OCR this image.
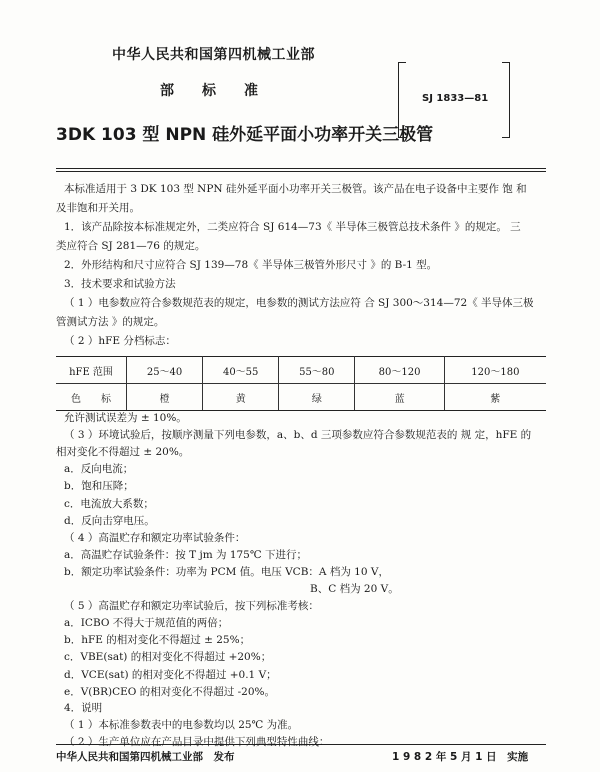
中华人民共和国第四机械工业部
部　　标　　准
3DK 103 型 NPN 硅外延平面小功率开关三极管
SJ 1833—81
本标准适用于 3 DK 103 型 NPN 硅外延平面小功率开关三极管。该产品在电子设备中主要作 饱 和
及非饱和开关用。
1．该产品除按本标准规定外，二类应符合 SJ 614—73《 半导体三极管总技术条件 》的规定。 三
类应符合 SJ 281—76 的规定。
2．外形结构和尺寸应符合 SJ 139—78《 半导体三极管外形尺寸 》的 B-1 型。
3．技术要求和试验方法
（ 1 ）电参数应符合参数规范表的规定，电参数的测试方法应符 合 SJ 300～314—72《 半导体三极
管测试方法 》的规定。
hFE 范围	25～40	40～55	55～80	80～120	120～180
色　　标	橙	黄	绿	蓝	紫
（ 2 ）hFE 分档标志：
允许测试误差为 ± 10%。
（ 3 ）环境试验后，按顺序测量下列电参数，a、b、d 三项参数应符合参数规范表的 规 定，hFE 的
相对变化不得超过 ± 20%。
a．反向电流；
b．饱和压降；
c．电流放大系数；
d．反向击穿电压。
（ 4 ）高温贮存和额定功率试验条件：
a．高温贮存试验条件：按 T jm 为 175℃ 下进行；
b．额定功率试验条件：功率为 PCM 值。电压 VCB：A 档为 10 V，
B、C 档为 20 V。
（ 5 ）高温贮存和额定功率试验后，按下列标准考核：
a．ICBO 不得大于规范值的两倍；
b．hFE 的相对变化不得超过 ± 25%；
c．VBE(sat) 的相对变化不得超过 +20%；
d．VCE(sat) 的相对变化不得超过 +0.1 V；
e．V(BR)CEO 的相对变化不得超过 -20%。
中华人民共和国第四机械工业部　发布	1 9 8 2 年 5 月 1 日　实施
4．说明
（ 1 ）本标准参数表中的电参数均以 25℃ 为准。
（ 2 ）生产单位应在产品目录中提供下列典型特性曲线：
